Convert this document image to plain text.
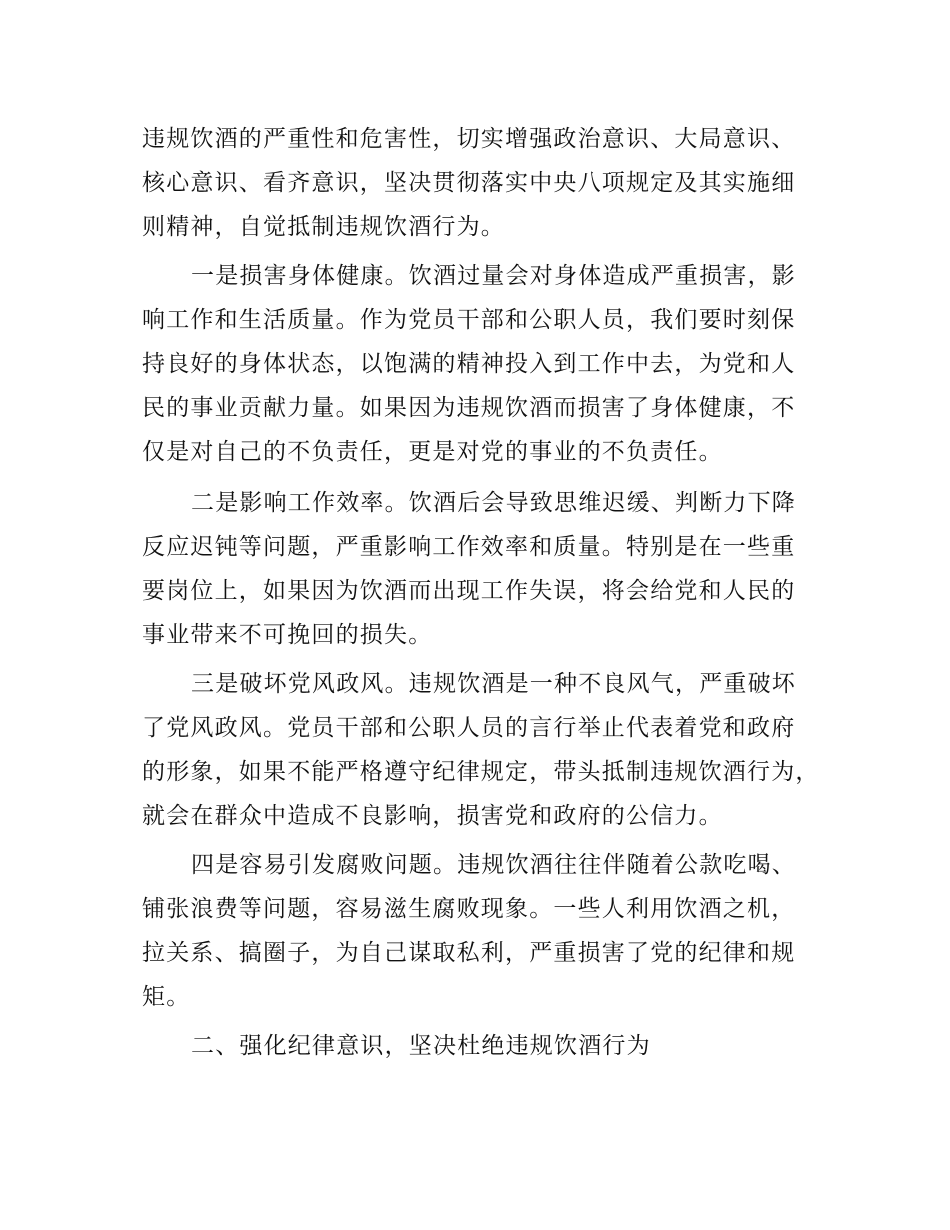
违规饮酒的严重性和危害性，切实增强政治意识、大局意识、
核心意识、看齐意识，坚决贯彻落实中央八项规定及其实施细
则精神，自觉抵制违规饮酒行为。
一是损害身体健康。饮酒过量会对身体造成严重损害，影
响工作和生活质量。作为党员干部和公职人员，我们要时刻保
持良好的身体状态，以饱满的精神投入到工作中去，为党和人
民的事业贡献力量。如果因为违规饮酒而损害了身体健康，不
仅是对自己的不负责任，更是对党的事业的不负责任。
二是影响工作效率。饮酒后会导致思维迟缓、判断力下降
反应迟钝等问题，严重影响工作效率和质量。特别是在一些重
要岗位上，如果因为饮酒而出现工作失误，将会给党和人民的
事业带来不可挽回的损失。
三是破坏党风政风。违规饮酒是一种不良风气，严重破坏
了党风政风。党员干部和公职人员的言行举止代表着党和政府
的形象，如果不能严格遵守纪律规定，带头抵制违规饮酒行为，
就会在群众中造成不良影响，损害党和政府的公信力。
四是容易引发腐败问题。违规饮酒往往伴随着公款吃喝、
铺张浪费等问题，容易滋生腐败现象。一些人利用饮酒之机，
拉关系、搞圈子，为自己谋取私利，严重损害了党的纪律和规
矩。
二、强化纪律意识，坚决杜绝违规饮酒行为
